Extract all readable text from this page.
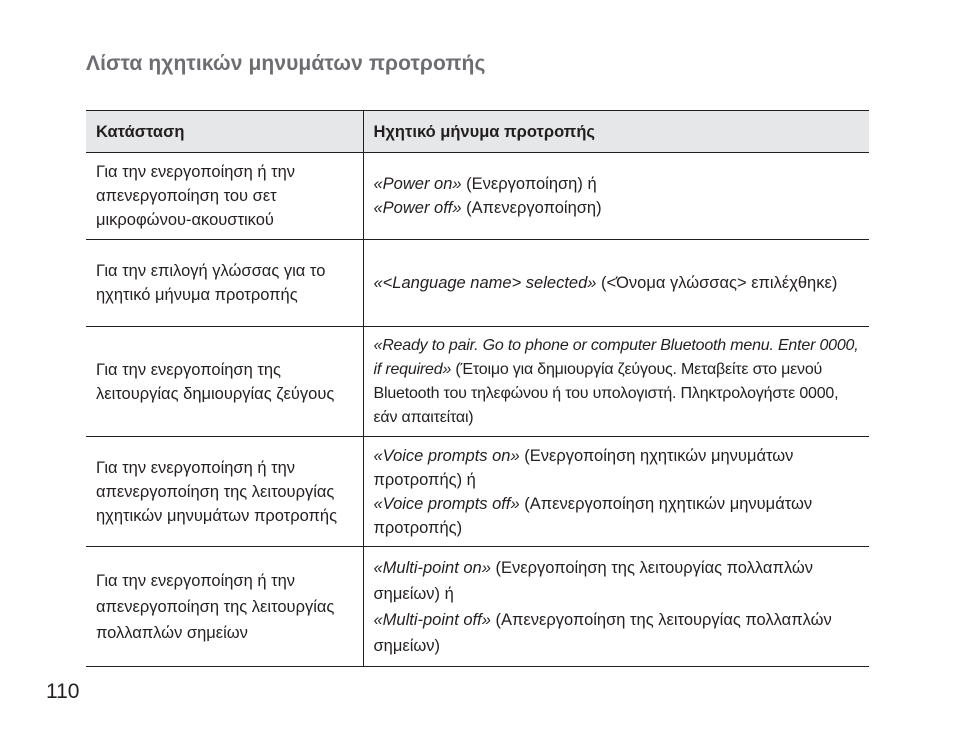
Λίστα ηχητικών μηνυμάτων προτροπής
Κατάσταση	Ηχητικό μήνυμα προτροπής
Για την ενεργοποίηση ή την απενεργοποίηση του σετ μικροφώνου-ακουστικού	«Power on» (Ενεργοποίηση) ή
«Power off» (Απενεργοποίηση)

Για την επιλογή γλώσσας για το ηχητικό μήνυμα προτροπής	«<Language name> selected» (<Όνομα γλώσσας> επιλέχθηκε)

Για την ενεργοποίηση της λειτουργίας δημιουργίας ζεύγους	«Ready to pair. Go to phone or computer Bluetooth menu. Enter 0000, if required» (Έτοιμο για δημιουργία ζεύγους. Μεταβείτε στο μενού Bluetooth του τηλεφώνου ή του υπολογιστή. Πληκτρολογήστε 0000, εάν απαιτείται)

Για την ενεργοποίηση ή την απενεργοποίηση της λειτουργίας ηχητικών μηνυμάτων προτροπής	«Voice prompts on» (Ενεργοποίηση ηχητικών μηνυμάτων προτροπής) ή
«Voice prompts off» (Απενεργοποίηση ηχητικών μηνυμάτων προτροπής)

Για την ενεργοποίηση ή την απενεργοποίηση της λειτουργίας πολλαπλών σημείων	«Multi-point on» (Ενεργοποίηση της λειτουργίας πολλαπλών σημείων) ή
«Multi-point off» (Απενεργοποίηση της λειτουργίας πολλαπλών σημείων)
110
